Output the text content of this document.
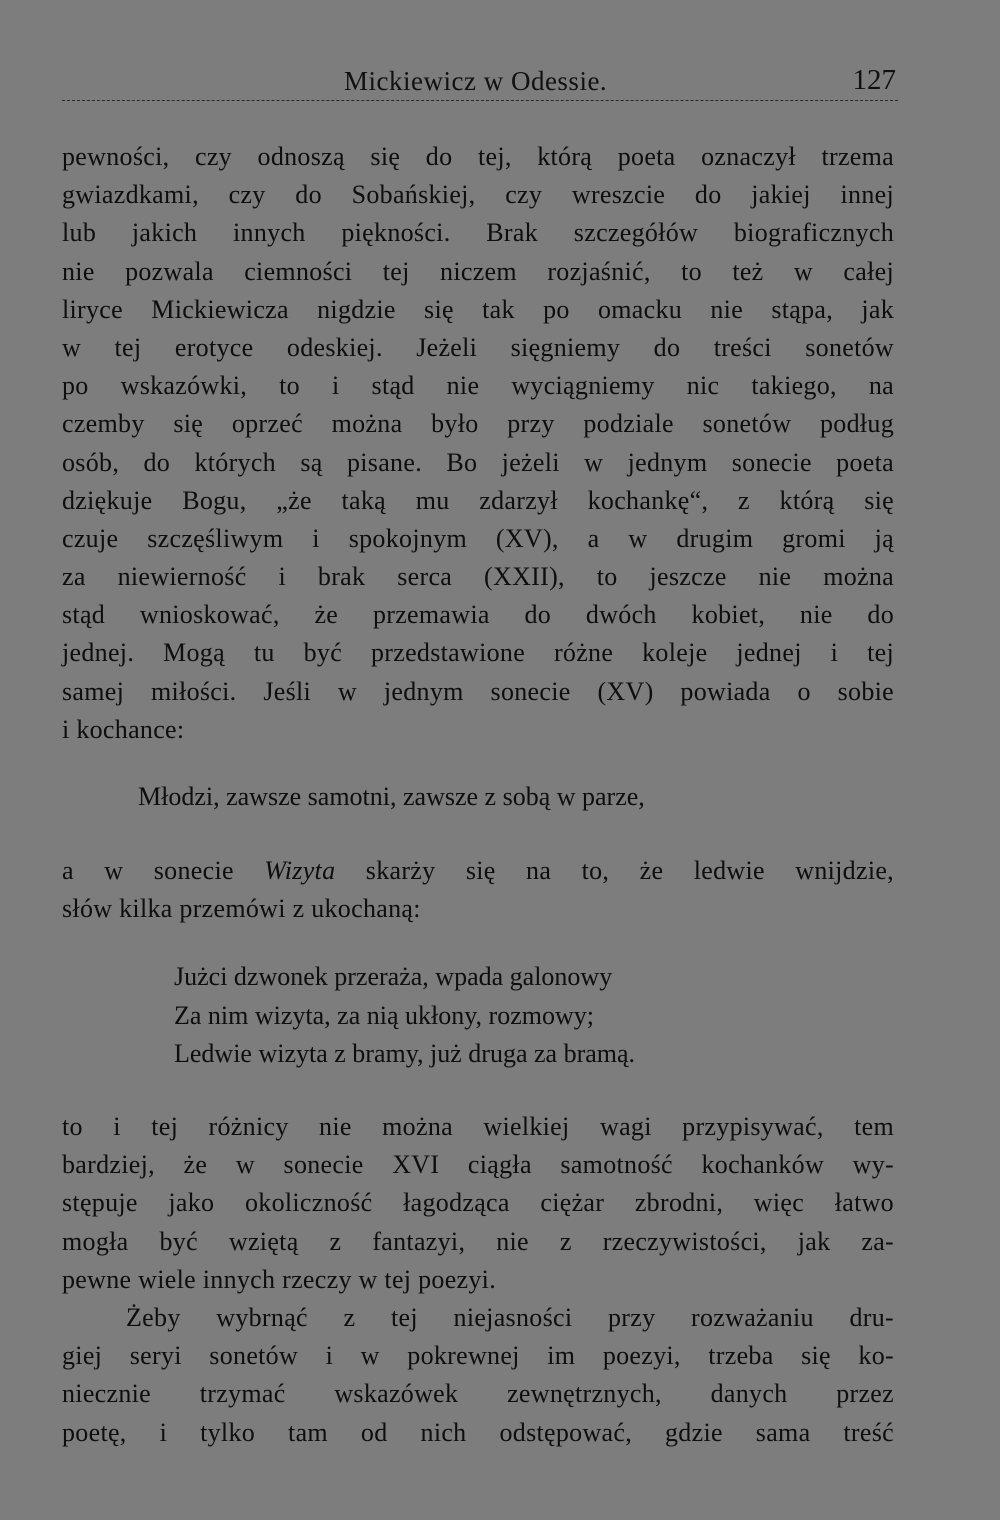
Mickiewicz w Odessie.	127
pewności, czy odnoszą się do tej, którą poeta oznaczył trzema
gwiazdkami, czy do Sobańskiej, czy wreszcie do jakiej innej
lub jakich innych piękności. Brak szczegółów biograficznych
nie pozwala ciemności tej niczem rozjaśnić, to też w całej
liryce Mickiewicza nigdzie się tak po omacku nie stąpa, jak
w tej erotyce odeskiej. Jeżeli sięgniemy do treści sonetów
po wskazówki, to i stąd nie wyciągniemy nic takiego, na
czemby się oprzeć można było przy podziale sonetów podług
osób, do których są pisane. Bo jeżeli w jednym sonecie poeta
dziękuje Bogu, „że taką mu zdarzył kochankę“, z którą się
czuje szczęśliwym i spokojnym (XV), a w drugim gromi ją
za niewierność i brak serca (XXII), to jeszcze nie można
stąd wnioskować, że przemawia do dwóch kobiet, nie do
jednej. Mogą tu być przedstawione różne koleje jednej i tej
samej miłości. Jeśli w jednym sonecie (XV) powiada o sobie
i kochance:
Młodzi, zawsze samotni, zawsze z sobą w parze,
a w sonecie Wizyta skarży się na to, że ledwie wnijdzie,
słów kilka przemówi z ukochaną:
Jużci dzwonek przeraża, wpada galonowy
Za nim wizyta, za nią ukłony, rozmowy;
Ledwie wizyta z bramy, już druga za bramą.
to i tej różnicy nie można wielkiej wagi przypisywać, tem
bardziej, że w sonecie XVI ciągła samotność kochanków wy-
stępuje jako okoliczność łagodząca ciężar zbrodni, więc łatwo
mogła być wziętą z fantazyi, nie z rzeczywistości, jak za-
pewne wiele innych rzeczy w tej poezyi.
Żeby wybrnąć z tej niejasności przy rozważaniu dru-
giej seryi sonetów i w pokrewnej im poezyi, trzeba się ko-
niecznie trzymać wskazówek zewnętrznych, danych przez
poetę, i tylko tam od nich odstępować, gdzie sama treść
